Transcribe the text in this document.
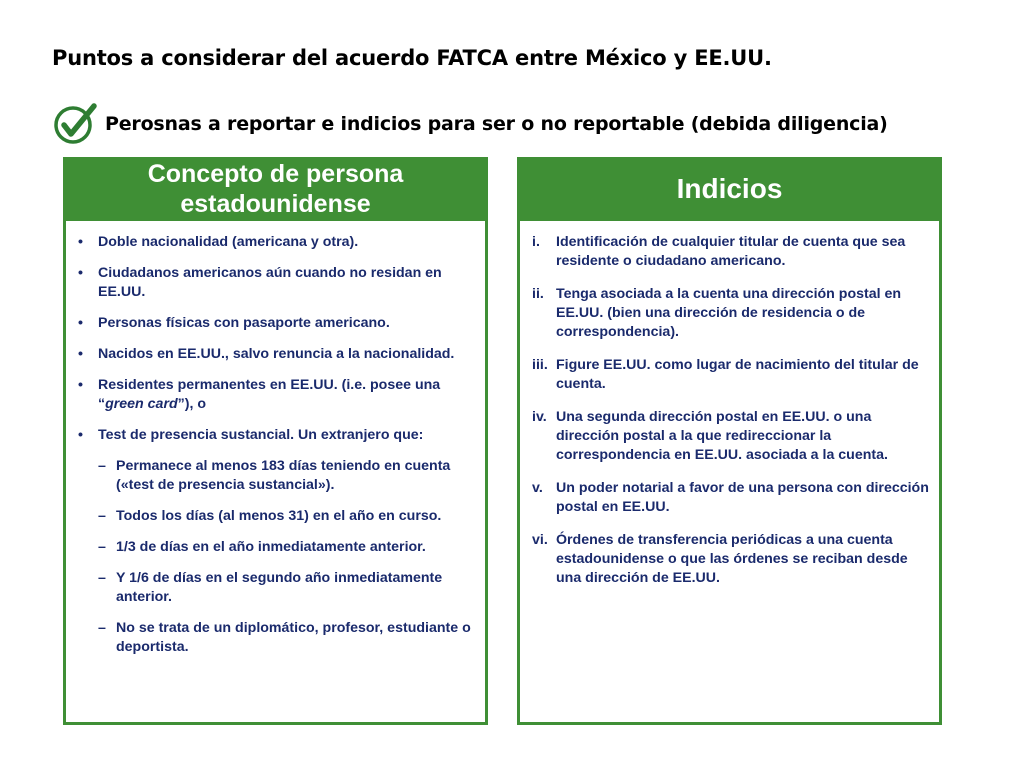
Puntos a considerar del acuerdo FATCA entre México y EE.UU.
Perosnas a reportar e indicios para ser o no reportable (debida diligencia)
Concepto de persona
estadounidense
• Doble nacionalidad (americana y otra).
• Ciudadanos americanos aún cuando no residan en EE.UU.
• Personas físicas con pasaporte americano.
• Nacidos en EE.UU., salvo renuncia a la nacionalidad.
• Residentes permanentes en EE.UU. (i.e. posee una “green card”), o
• Test de presencia sustancial. Un extranjero que:
– Permanece al menos 183 días teniendo en cuenta («test de presencia sustancial»).
– Todos los días (al menos 31) en el año en curso.
– 1/3 de días en el año inmediatamente anterior.
– Y 1/6 de días en el segundo año inmediatamente anterior.
– No se trata de un diplomático, profesor, estudiante o deportista.
Indicios
i. Identificación de cualquier titular de cuenta que sea residente o ciudadano americano.
ii. Tenga asociada a la cuenta una dirección postal en EE.UU. (bien una dirección de residencia o de correspondencia).
iii. Figure EE.UU. como lugar de nacimiento del titular de cuenta.
iv. Una segunda dirección postal en EE.UU. o una dirección postal a la que redireccionar la correspondencia en EE.UU. asociada a la cuenta.
v. Un poder notarial a favor de una persona con dirección postal en EE.UU.
vi. Órdenes de transferencia periódicas a una cuenta estadounidense o que las órdenes se reciban desde una dirección de EE.UU.
